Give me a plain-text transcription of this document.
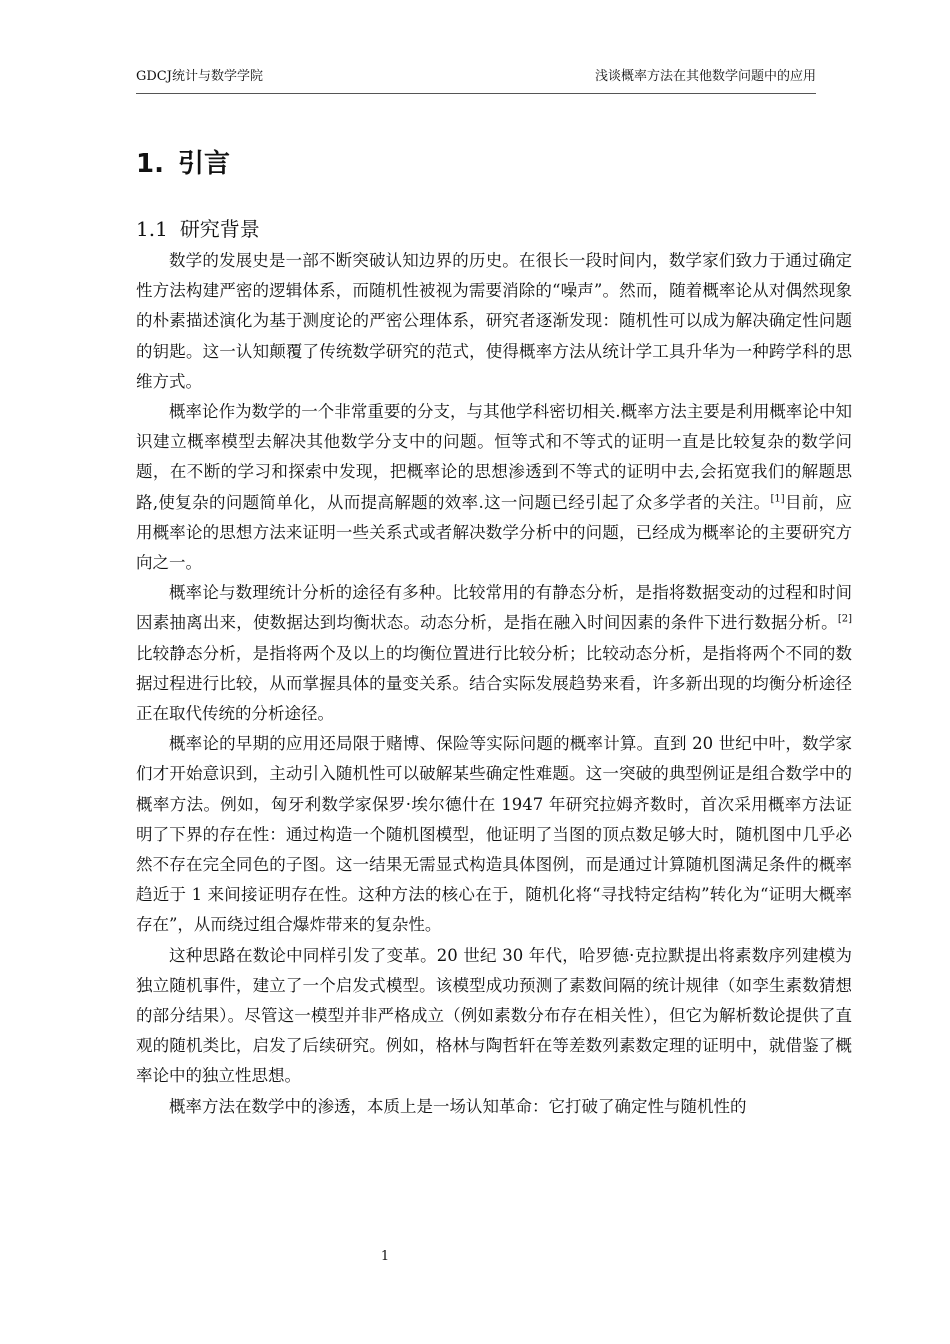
GDCJ统计与数学学院	浅谈概率方法在其他数学问题中的应用
1. 引言
1.1 研究背景

数学的发展史是一部不断突破认知边界的历史。在很长一段时间内，数学家们致力于通过确定性方法构建严密的逻辑体系，而随机性被视为需要消除的“噪声”。然而，随着概率论从对偶然现象的朴素描述演化为基于测度论的严密公理体系，研究者逐渐发现：随机性可以成为解决确定性问题的钥匙。这一认知颠覆了传统数学研究的范式，使得概率方法从统计学工具升华为一种跨学科的思维方式。

概率论作为数学的一个非常重要的分支，与其他学科密切相关.概率方法主要是利用概率论中知识建立概率模型去解决其他数学分支中的问题。恒等式和不等式的证明一直是比较复杂的数学问题，在不断的学习和探索中发现，把概率论的思想渗透到不等式的证明中去,会拓宽我们的解题思路,使复杂的问题简单化，从而提高解题的效率.这一问题已经引起了众多学者的关注。[1]目前，应用概率论的思想方法来证明一些关系式或者解决数学分析中的问题，已经成为概率论的主要研究方向之一。

概率论与数理统计分析的途径有多种。比较常用的有静态分析，是指将数据变动的过程和时间因素抽离出来，使数据达到均衡状态。动态分析，是指在融入时间因素的条件下进行数据分析。[2]比较静态分析，是指将两个及以上的均衡位置进行比较分析；比较动态分析，是指将两个不同的数据过程进行比较，从而掌握具体的量变关系。结合实际发展趋势来看，许多新出现的均衡分析途径正在取代传统的分析途径。

概率论的早期的应用还局限于赌博、保险等实际问题的概率计算。直到 20 世纪中叶，数学家们才开始意识到，主动引入随机性可以破解某些确定性难题。这一突破的典型例证是组合数学中的概率方法。例如，匈牙利数学家保罗·埃尔德什在 1947 年研究拉姆齐数时，首次采用概率方法证明了下界的存在性：通过构造一个随机图模型，他证明了当图的顶点数足够大时，随机图中几乎必然不存在完全同色的子图。这一结果无需显式构造具体图例，而是通过计算随机图满足条件的概率趋近于 1 来间接证明存在性。这种方法的核心在于，随机化将“寻找特定结构”转化为“证明大概率存在”，从而绕过组合爆炸带来的复杂性。

这种思路在数论中同样引发了变革。20 世纪 30 年代，哈罗德·克拉默提出将素数序列建模为独立随机事件，建立了一个启发式模型。该模型成功预测了素数间隔的统计规律（如孪生素数猜想的部分结果）。尽管这一模型并非严格成立（例如素数分布存在相关性），但它为解析数论提供了直观的随机类比，启发了后续研究。例如，格林与陶哲轩在等差数列素数定理的证明中，就借鉴了概率论中的独立性思想。

概率方法在数学中的渗透，本质上是一场认知革命：它打破了确定性与随机性的

1
